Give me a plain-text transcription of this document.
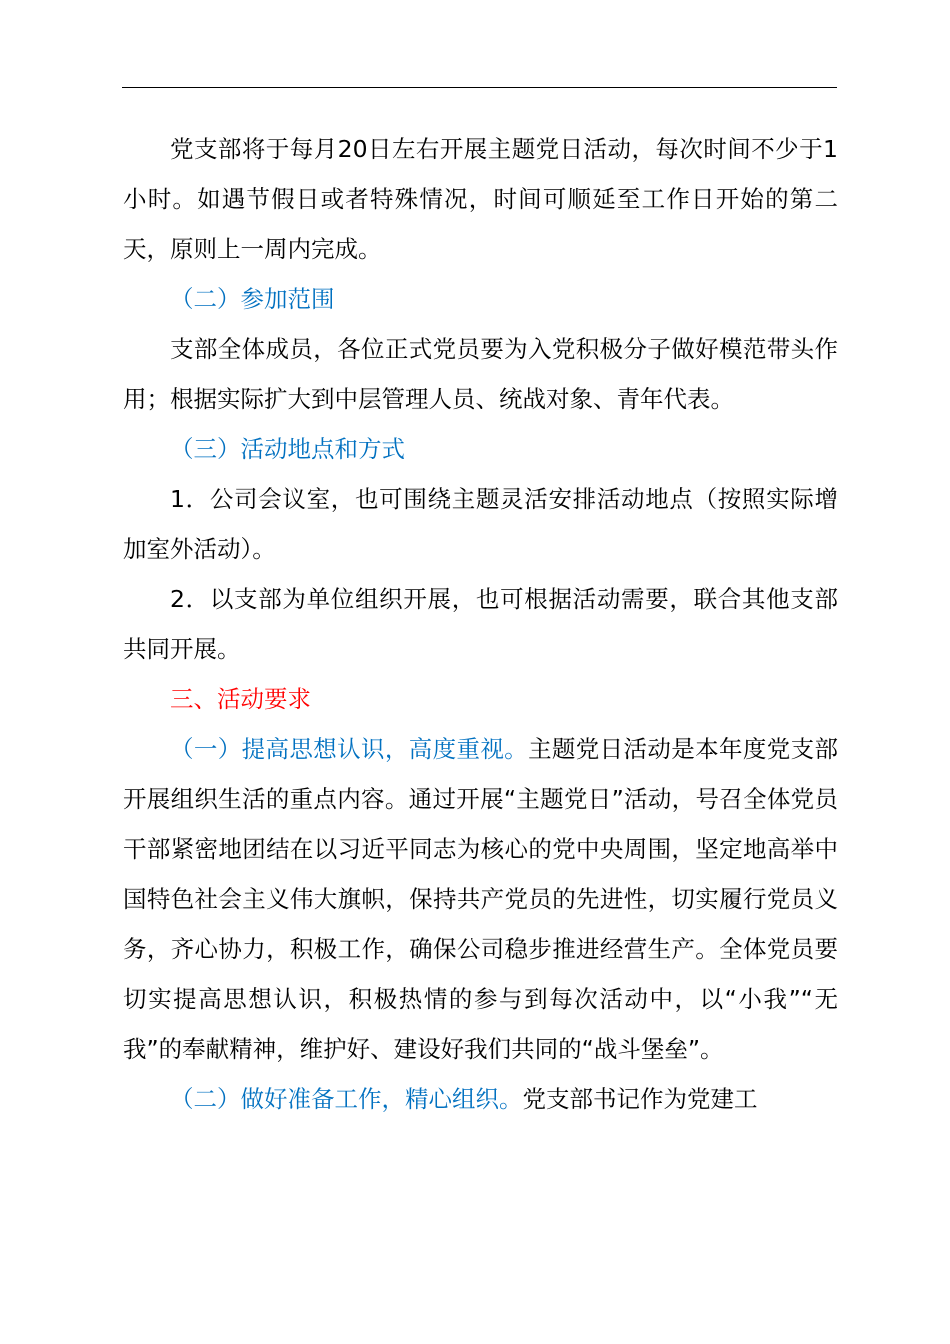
党支部将于每月20日左右开展主题党日活动，每次时间不少于1小时。如遇节假日或者特殊情况，时间可顺延至工作日开始的第二天，原则上一周内完成。

（二）参加范围

支部全体成员，各位正式党员要为入党积极分子做好模范带头作用；根据实际扩大到中层管理人员、统战对象、青年代表。

（三）活动地点和方式

1．公司会议室，也可围绕主题灵活安排活动地点（按照实际增加室外活动）。

2．以支部为单位组织开展，也可根据活动需要，联合其他支部共同开展。

三、活动要求

（一）提高思想认识，高度重视。主题党日活动是本年度党支部开展组织生活的重点内容。通过开展“主题党日”活动，号召全体党员干部紧密地团结在以习近平同志为核心的党中央周围，坚定地高举中国特色社会主义伟大旗帜，保持共产党员的先进性，切实履行党员义务，齐心协力，积极工作，确保公司稳步推进经营生产。全体党员要切实提高思想认识，积极热情的参与到每次活动中，以“小我”“无我”的奉献精神，维护好、建设好我们共同的“战斗堡垒”。

（二）做好准备工作，精心组织。党支部书记作为党建工
